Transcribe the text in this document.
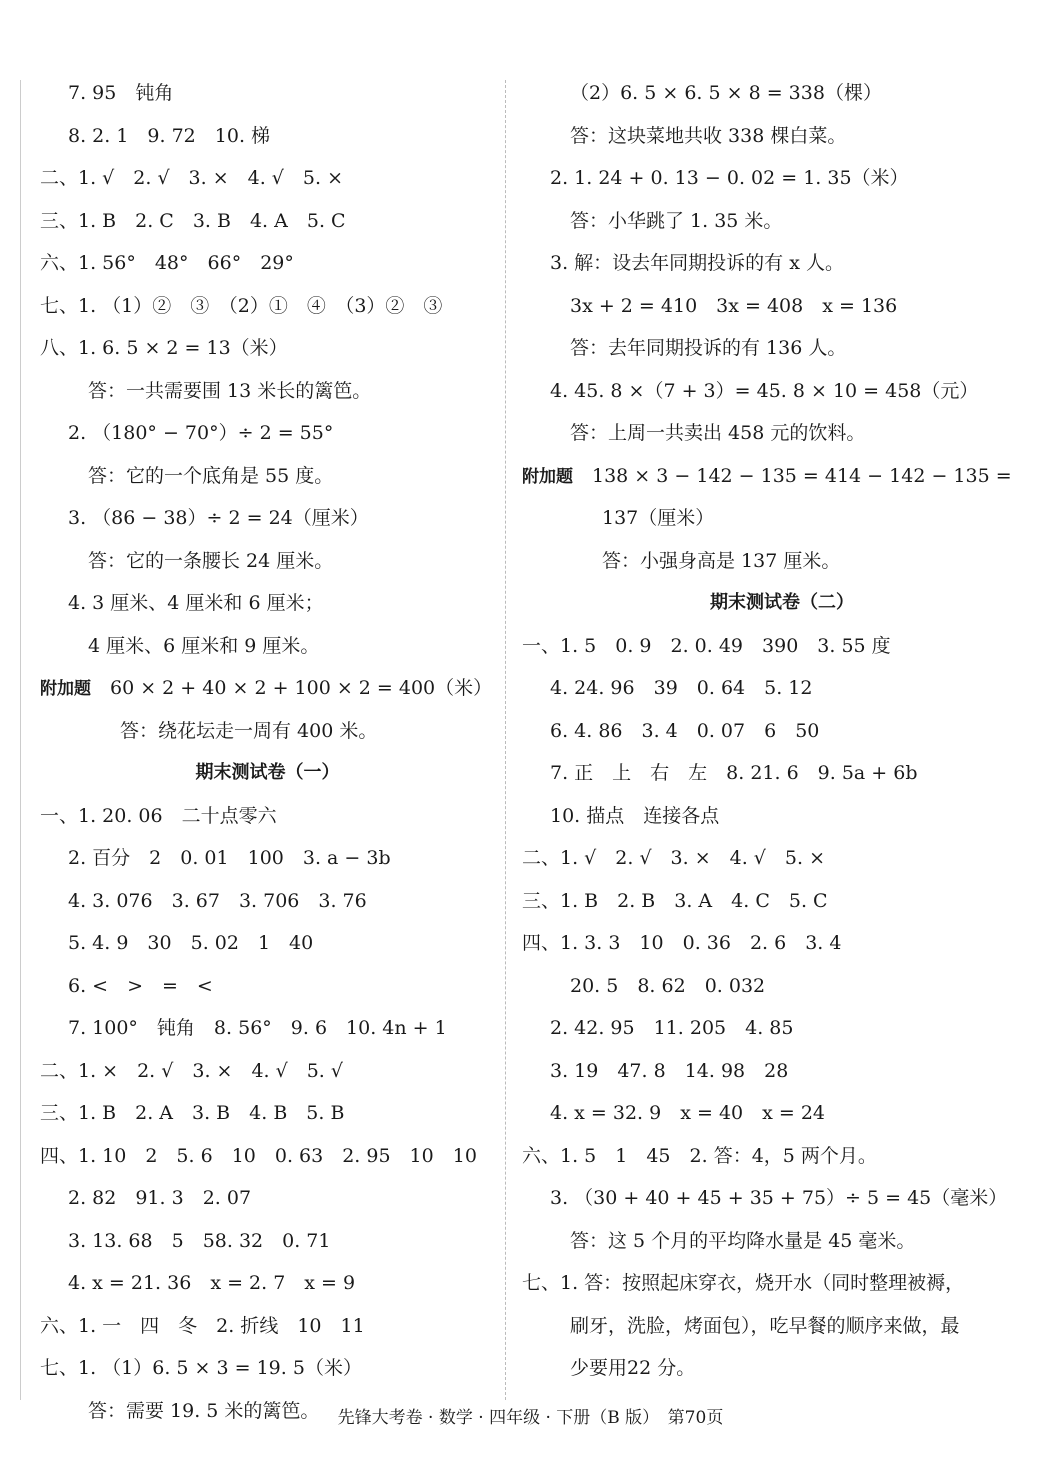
7. 95　钝角
8. 2. 1　9. 72　10. 梯
二、1. √　2. √　3. ×　4. √　5. ×
三、1. B　2. C　3. B　4. A　5. C
六、1. 56°　48°　66°　29°
七、1. （1）②　③　（2）①　④　（3）②　③
八、1. 6. 5 × 2 = 13（米）
答：一共需要围 13 米长的篱笆。
2. （180° − 70°）÷ 2 = 55°
答：它的一个底角是 55 度。
3. （86 − 38）÷ 2 = 24（厘米）
答：它的一条腰长 24 厘米。
4. 3 厘米、4 厘米和 6 厘米；
4 厘米、6 厘米和 9 厘米。
附加题　60 × 2 + 40 × 2 + 100 × 2 = 400（米）
答：绕花坛走一周有 400 米。
期末测试卷（一）
一、1. 20. 06　二十点零六
2. 百分　2　0. 01　100　3. a − 3b
4. 3. 076　3. 67　3. 706　3. 76
5. 4. 9　30　5. 02　1　40
6. <　>　=　<
7. 100°　钝角　8. 56°　9. 6　10. 4n + 1
二、1. ×　2. √　3. ×　4. √　5. √
三、1. B　2. A　3. B　4. B　5. B
四、1. 10　2　5. 6　10　0. 63　2. 95　10　10
2. 82　91. 3　2. 07
3. 13. 68　5　58. 32　0. 71
4. x = 21. 36　x = 2. 7　x = 9
六、1. 一　四　冬　2. 折线　10　11
七、1. （1）6. 5 × 3 = 19. 5（米）
答：需要 19. 5 米的篱笆。
（2）6. 5 × 6. 5 × 8 = 338（棵）
答：这块菜地共收 338 棵白菜。
2. 1. 24 + 0. 13 − 0. 02 = 1. 35（米）
答：小华跳了 1. 35 米。
3. 解：设去年同期投诉的有 x 人。
3x + 2 = 410　3x = 408　x = 136
答：去年同期投诉的有 136 人。
4. 45. 8 ×（7 + 3）= 45. 8 × 10 = 458（元）
答：上周一共卖出 458 元的饮料。
附加题　138 × 3 − 142 − 135 = 414 − 142 − 135 =
137（厘米）
答：小强身高是 137 厘米。
期末测试卷（二）
一、1. 5　0. 9　2. 0. 49　390　3. 55 度
4. 24. 96　39　0. 64　5. 12
6. 4. 86　3. 4　0. 07　6　50
7. 正　上　右　左　8. 21. 6　9. 5a + 6b
10. 描点　连接各点
二、1. √　2. √　3. ×　4. √　5. ×
三、1. B　2. B　3. A　4. C　5. C
四、1. 3. 3　10　0. 36　2. 6　3. 4
20. 5　8. 62　0. 032
2. 42. 95　11. 205　4. 85
3. 19　47. 8　14. 98　28
4. x = 32. 9　x = 40　x = 24
六、1. 5　1　45　2. 答：4，5 两个月。
3. （30 + 40 + 45 + 35 + 75）÷ 5 = 45（毫米）
答：这 5 个月的平均降水量是 45 毫米。
七、1. 答：按照起床穿衣，烧开水（同时整理被褥，
刷牙，洗脸，烤面包），吃早餐的顺序来做，最
少要用22 分。
先锋大考卷 · 数学 · 四年级 · 下册（B 版）　第70页
